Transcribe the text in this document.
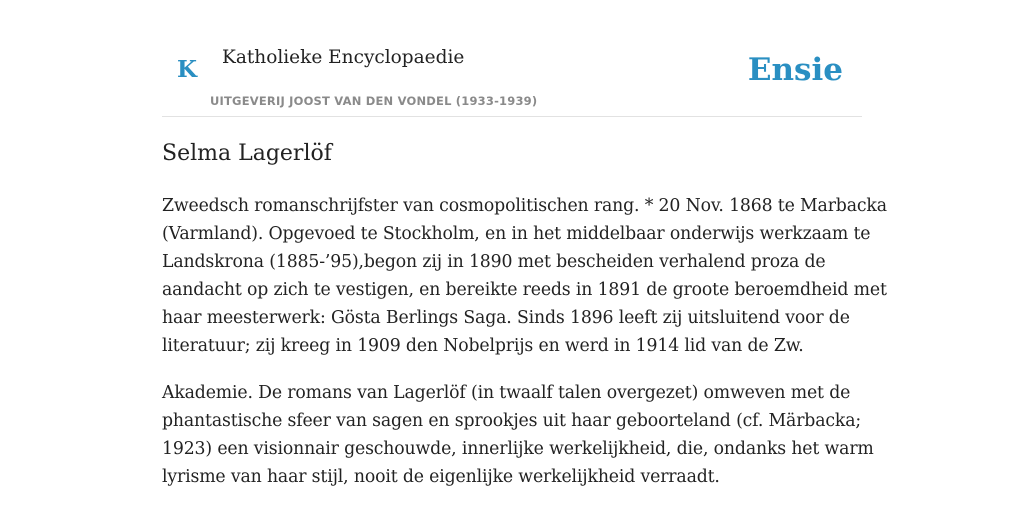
K Katholieke Encyclopaedie
UITGEVERIJ JOOST VAN DEN VONDEL (1933-1939)
Ensie
Selma Lagerlöf

Zweedsch romanschrijfster van cosmopolitischen rang. * 20 Nov. 1868 te Marbacka
(Varmland). Opgevoed te Stockholm, en in het middelbaar onderwijs werkzaam te
Landskrona (1885-’95),begon zij in 1890 met bescheiden verhalend proza de
aandacht op zich te vestigen, en bereikte reeds in 1891 de groote beroemdheid met
haar meesterwerk: Gösta Berlings Saga. Sinds 1896 leeft zij uitsluitend voor de
literatuur; zij kreeg in 1909 den Nobelprijs en werd in 1914 lid van de Zw.

Akademie. De romans van Lagerlöf (in twaalf talen overgezet) omweven met de
phantastische sfeer van sagen en sprookjes uit haar geboorteland (cf. Märbacka;
1923) een visionnair geschouwde, innerlijke werkelijkheid, die, ondanks het warm
lyrisme van haar stijl, nooit de eigenlijke werkelijkheid verraadt.
